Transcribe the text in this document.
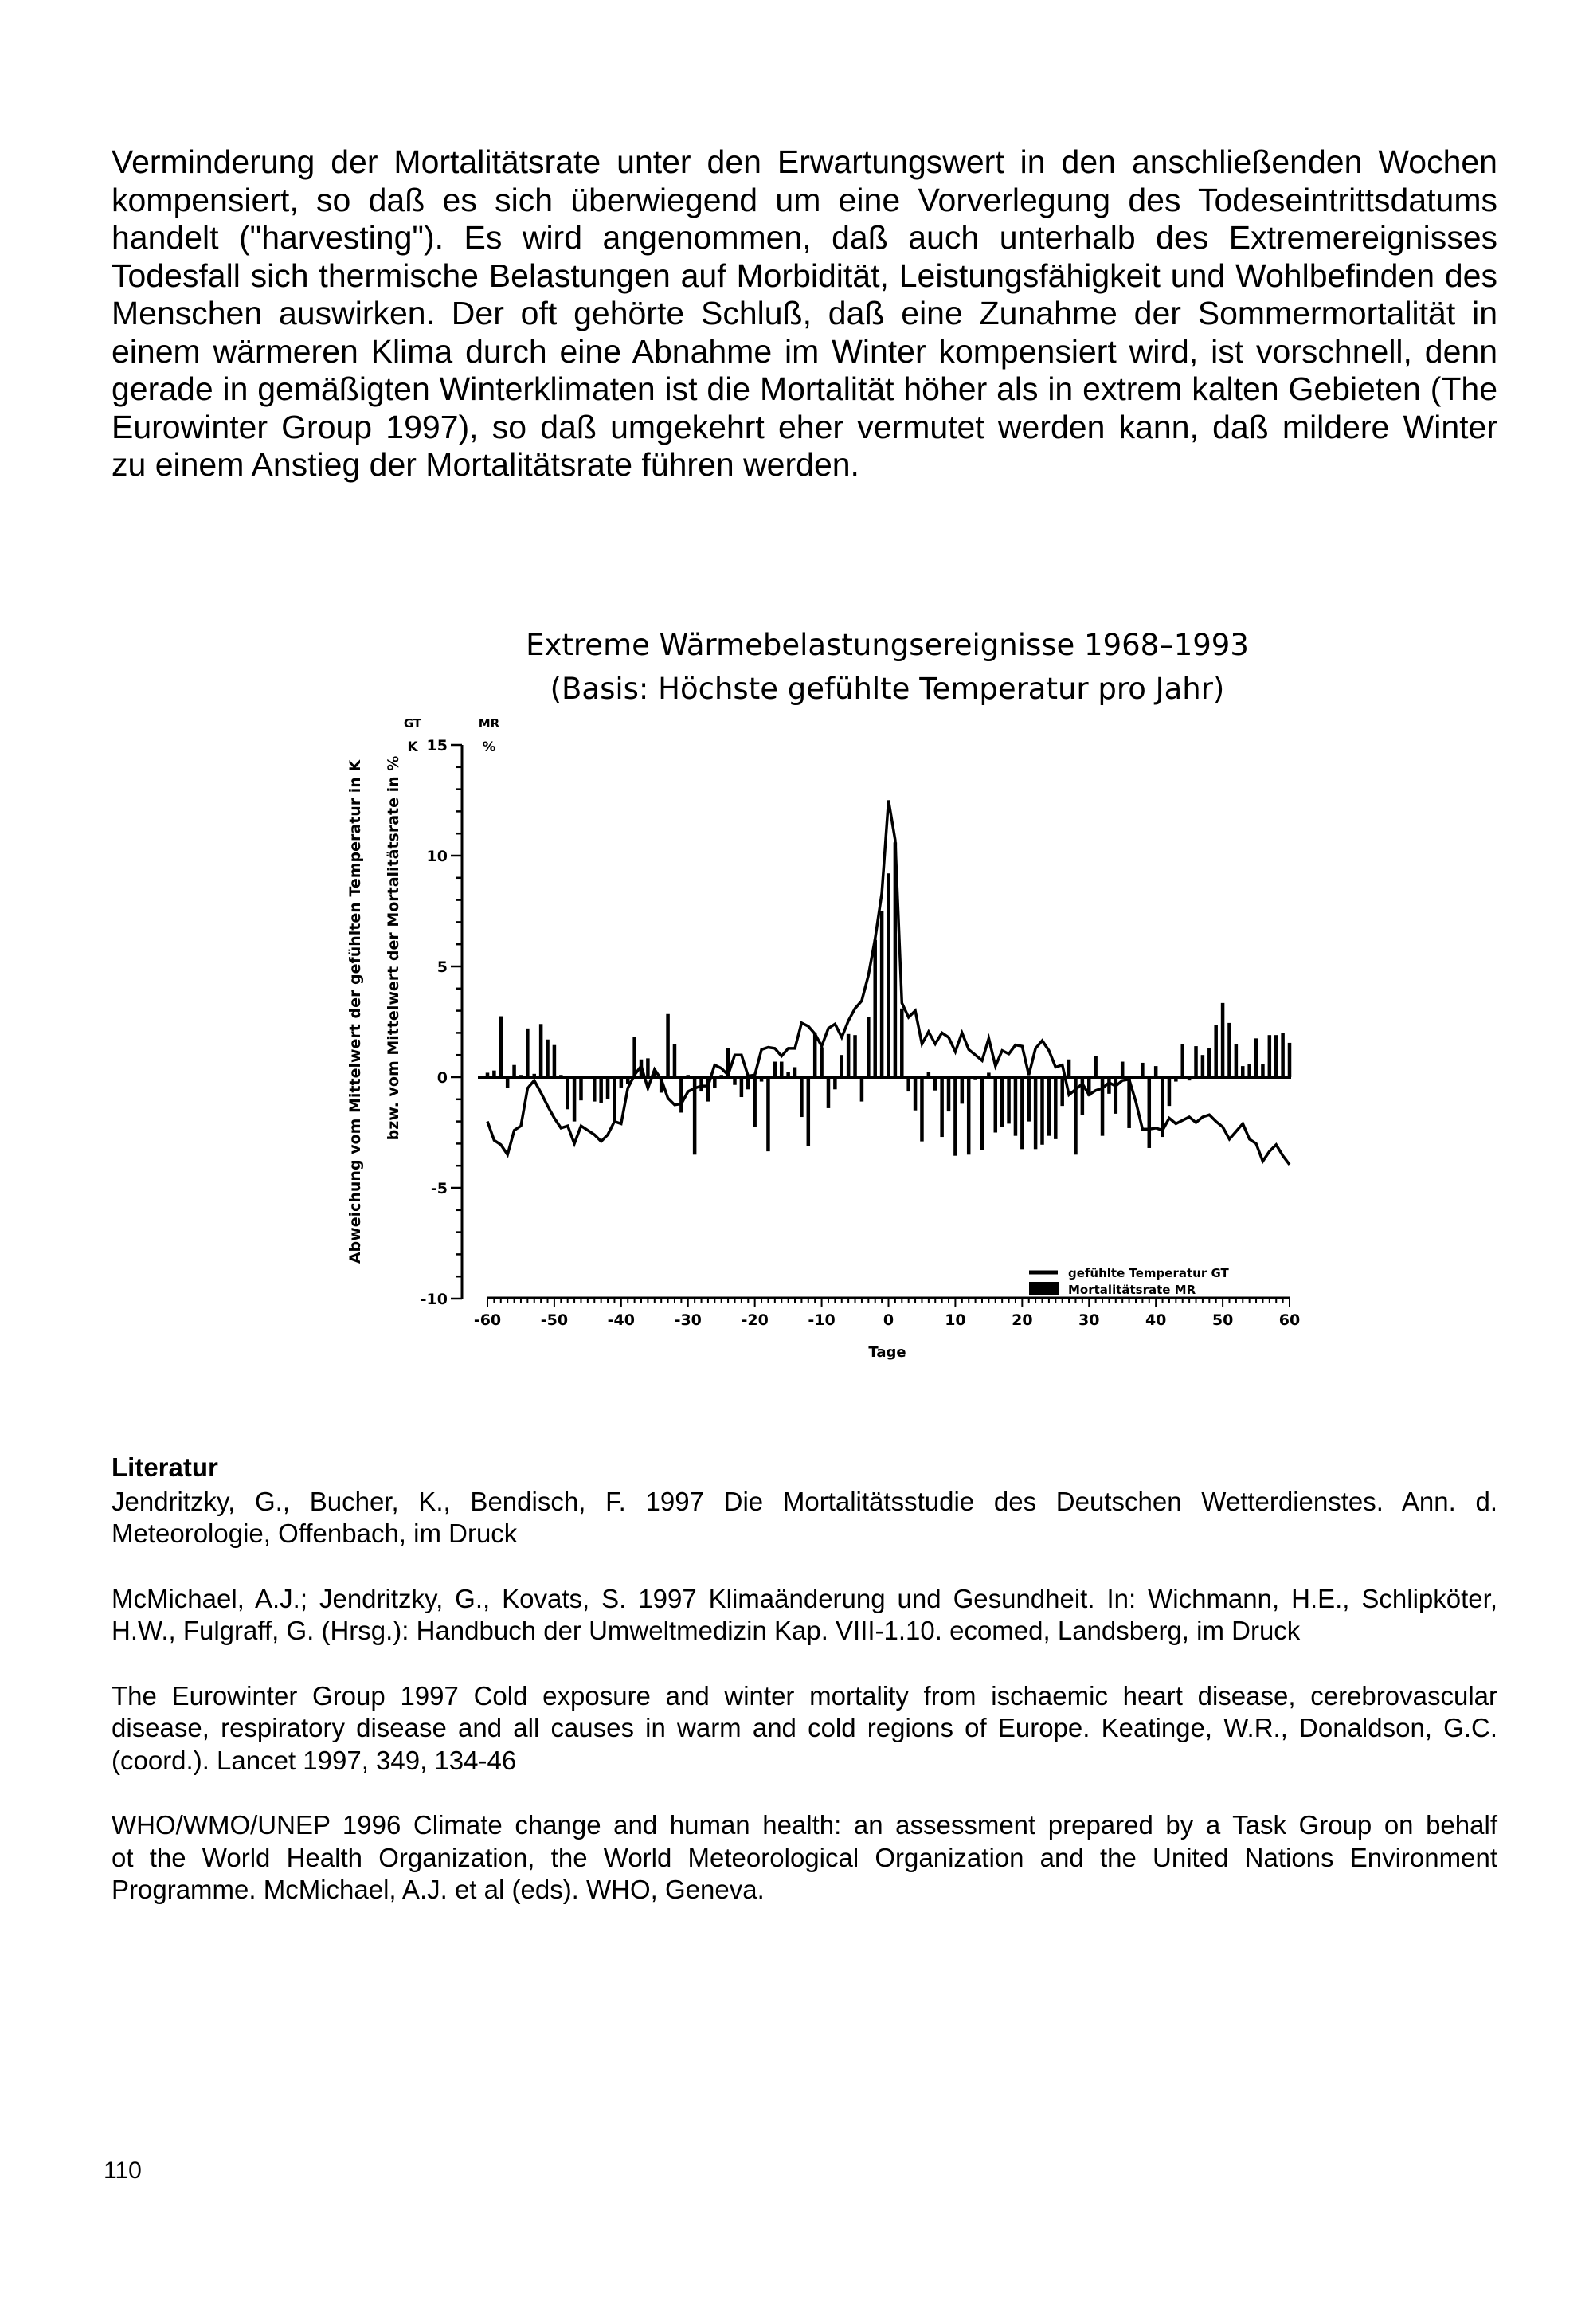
Verminderung der Mortalitätsrate unter den Erwartungswert in den anschließenden Wochen
kompensiert, so daß es sich überwiegend um eine Vorverlegung des Todeseintrittsdatums
handelt ("harvesting"). Es wird angenommen, daß auch unterhalb des Extremereignisses
Todesfall sich thermische Belastungen auf Morbidität, Leistungsfähigkeit und Wohlbefinden des
Menschen auswirken. Der oft gehörte Schluß, daß eine Zunahme der Sommermortalität in
einem wärmeren Klima durch eine Abnahme im Winter kompensiert wird, ist vorschnell, denn
gerade in gemäßigten Winterklimaten ist die Mortalität höher als in extrem kalten Gebieten (The
Eurowinter Group 1997), so daß umgekehrt eher vermutet werden kann, daß mildere Winter
zu einem Anstieg der Mortalitätsrate führen werden.
Extreme Wärmebelastungsereignisse 1968–1993
(Basis: Höchste gefühlte Temperatur pro Jahr)
GT
K
MR
%
Abweichung vom Mittelwert der gefühlten Temperatur in K bzw. vom Mittelwert der Mortalitätsrate in %
15
10
5
0
-5
-10
-60	-50	-40	-30	-20	-10	0	10	20	30	40	50	60
gefühlte Temperatur GT
Mortalitätsrate MR
Tage
Literatur
Jendritzky, G., Bucher, K., Bendisch, F. 1997 Die Mortalitätsstudie des Deutschen Wetterdienstes. Ann. d.
Meteorologie, Offenbach, im Druck
McMichael, A.J.; Jendritzky, G., Kovats, S. 1997 Klimaänderung und Gesundheit. In: Wichmann, H.E., Schlipköter,
H.W., Fulgraff, G. (Hrsg.): Handbuch der Umweltmedizin Kap. VIII-1.10. ecomed, Landsberg, im Druck
The Eurowinter Group 1997 Cold exposure and winter mortality from ischaemic heart disease, cerebrovascular
disease, respiratory disease and all causes in warm and cold regions of Europe. Keatinge, W.R., Donaldson, G.C.
(coord.). Lancet 1997, 349, 134-46
WHO/WMO/UNEP 1996 Climate change and human health: an assessment prepared by a Task Group on behalf
ot the World Health Organization, the World Meteorological Organization and the United Nations Environment
Programme. McMichael, A.J. et al (eds). WHO, Geneva.
110
